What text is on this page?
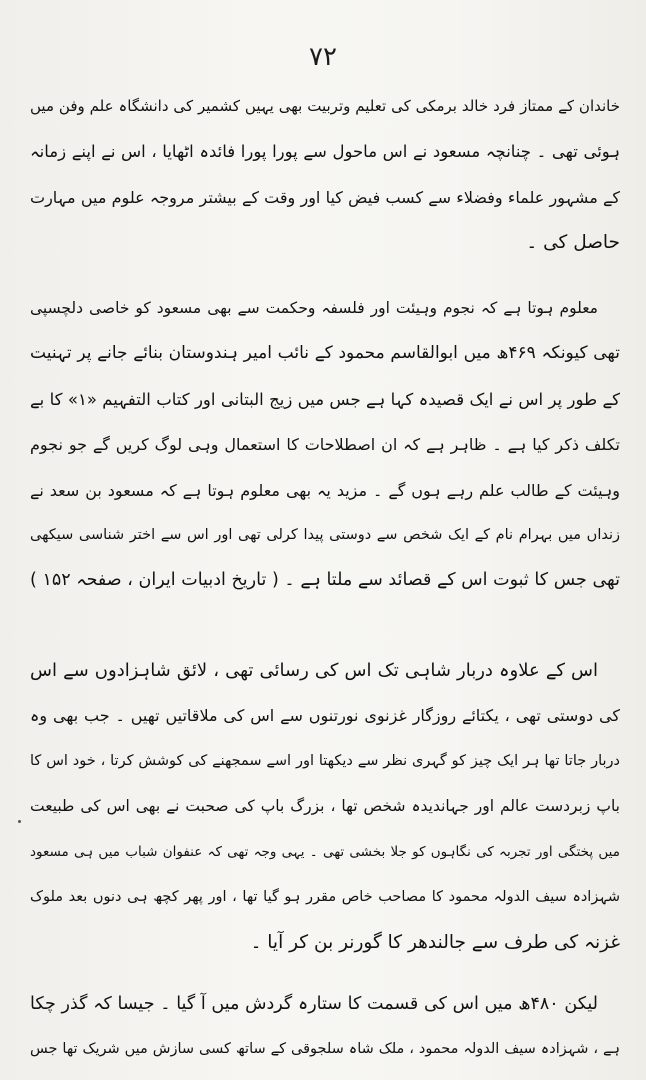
۷۲
خاندان کے ممتاز فرد خالد برمکی کی تعلیم وتربیت بھی یہیں کشمیر کی دانشگاہ علم وفن میں
ہوئی تھی ۔ چنانچہ مسعود نے اس ماحول سے پورا پورا فائدہ اٹھایا ، اس نے اپنے زمانہ
کے مشہور علماء وفضلاء سے کسب فیض کیا اور وقت کے بیشتر مروجہ علوم میں مہارت
حاصل کی ۔
معلوم ہوتا ہے کہ نجوم وہیئت اور فلسفہ وحکمت سے بھی مسعود کو خاصی دلچسپی
تھی کیونکہ ۴۶۹ھ میں ابوالقاسم محمود کے نائب امیر ہندوستان بنائے جانے پر تہنیت
کے طور پر اس نے ایک قصیدہ کہا ہے جس میں زیج البتانی اور کتاب التفہیم «۱» کا بے
تکلف ذکر کیا ہے ۔ ظاہر ہے کہ ان اصطلاحات کا استعمال وہی لوگ کریں گے جو نجوم
وہیئت کے طالب علم رہے ہوں گے ۔ مزید یہ بھی معلوم ہوتا ہے کہ مسعود بن سعد نے
زنداں میں بہرام نام کے ایک شخص سے دوستی پیدا کرلی تھی اور اس سے اختر شناسی سیکھی
تھی جس کا ثبوت اس کے قصائد سے ملتا ہے ۔ ( تاریخ ادبیات ایران ، صفحہ ۱۵۲ )
اس کے علاوہ دربار شاہی تک اس کی رسائی تھی ، لائق شاہزادوں سے اس
کی دوستی تھی ، یکتائے روزگار غزنوی نورتنوں سے اس کی ملاقاتیں تھیں ۔ جب بھی وہ
دربار جاتا تھا ہر ایک چیز کو گہری نظر سے دیکھتا اور اسے سمجھنے کی کوشش کرتا ، خود اس کا
باپ زبردست عالم اور جہاندیدہ شخص تھا ، بزرگ باپ کی صحبت نے بھی اس کی طبیعت
میں پختگی اور تجربہ کی نگاہوں کو جلا بخشی تھی ۔ یہی وجہ تھی کہ عنفوان شباب میں ہی مسعود
شہزادہ سیف الدولہ محمود کا مصاحب خاص مقرر ہو گیا تھا ، اور پھر کچھ ہی دنوں بعد ملوک
غزنہ کی طرف سے جالندھر کا گورنر بن کر آیا ۔
لیکن ۴۸۰ھ میں اس کی قسمت کا ستارہ گردش میں آ گیا ۔ جیسا کہ گذر چکا
ہے ، شہزادہ سیف الدولہ محمود ، ملک شاہ سلجوقی کے ساتھ کسی سازش میں شریک تھا جس
